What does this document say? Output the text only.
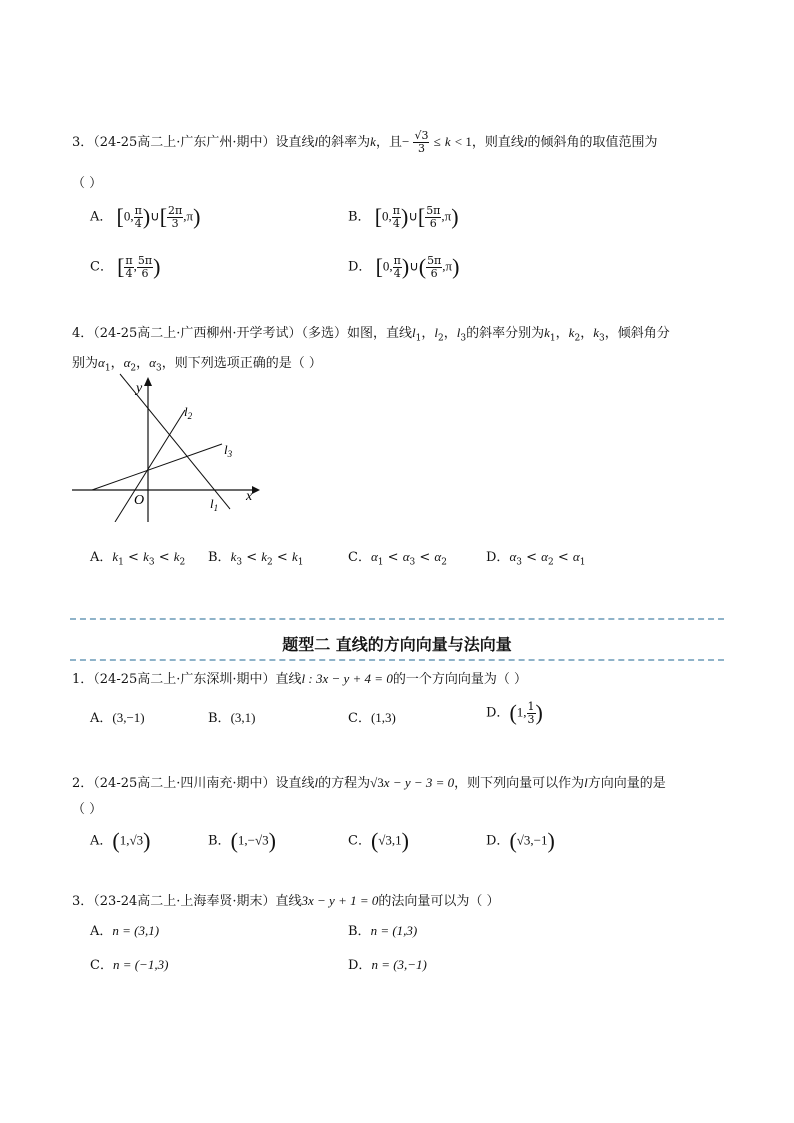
3．（24-25高二上·广东广州·期中）设直线l的斜率为k，且− $\frac{√3}{3} \le k < 1$，则直线l的倾斜角的取值范围为
（ ）
A． [0, $\frac{\pi}{4}$ )∪[ $\frac{2\pi}{3} ,\pi$)	B． [0, $\frac{\pi}{4}$ )∪[ $\frac{5\pi}{6} ,\pi$)
C． [ $\frac{\pi}{4}$ , $\frac{5\pi}{6}$ )	D． [0, $\frac{\pi}{4}$ )∪( $\frac{5\pi}{6} ,\pi$)
4．（24-25高二上·广西柳州·开学考试）（多选）如图，直线$l_1$，$l_2$，$l_3$的斜率分别为$k_1$，$k_2$，$k_3$，倾斜角分
别为$\alpha_1$，$\alpha_2$，$\alpha_3$，则下列选项正确的是（ ）
y
x
O
$l_2$
$l_3$
$l_1$
A．$k_1 < k_3 < k_2$ B．$k_3 < k_2 < k_1$	C．$\alpha_1 < \alpha_3 < \alpha_2$	D．$\alpha_3 < \alpha_2 < \alpha_1$
题型二 直线的方向向量与法向量
1．（24-25高二上·广东深圳·期中）直线l : 3x − y + 4 = 0的一个方向向量为（ ）
A．(3,−1)	B．(3,1)	C．(1,3)	D．(1, $\frac{1}{3}$ )
2．（24-25高二上·四川南充·期中）设直线l的方程为√3x − y − 3 = 0，则下列向量可以作为l方向向量的是
（ ）
A．(1,√3)	B．(1,−√3)	C．(√3,1)	D．(√3,−1)
3．（23-24高二上·上海奉贤·期末）直线3x − y + 1 = 0的法向量可以为（ ）
A．n = (3,1)	B．n = (1,3)
C．n = (−1,3)	D．n = (3,−1)
